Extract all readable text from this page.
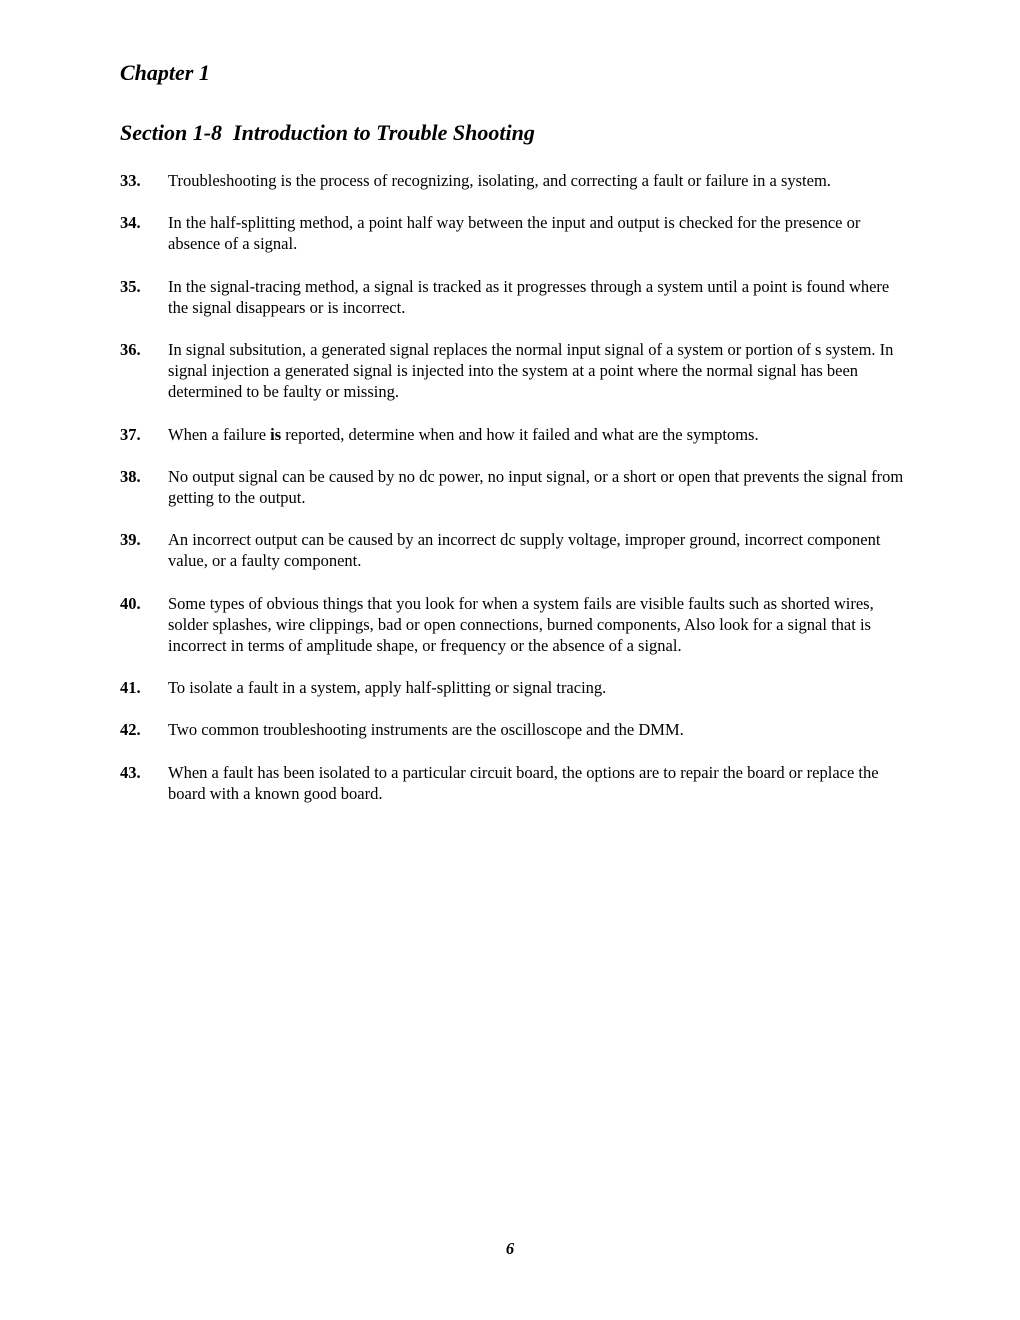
Chapter 1
Section 1-8  Introduction to Trouble Shooting
33.	Troubleshooting is the process of recognizing, isolating, and correcting a fault or failure in a system.
34.	In the half-splitting method, a point half way between the input and output is checked for the presence or absence of a signal.
35.	In the signal-tracing method, a signal is tracked as it progresses through a system until a point is found where the signal disappears or is incorrect.
36.	In signal subsitution, a generated signal replaces the normal input signal of a system or portion of s system. In signal injection a generated signal is injected into the system at a point where the normal signal has been determined to be faulty or missing.
37.	When a failure is reported, determine when and how it failed and what are the symptoms.
38.	No output signal can be caused by no dc power, no input signal, or a short or open that prevents the signal from getting to the output.
39.	An incorrect output can be caused by an incorrect dc supply voltage, improper ground, incorrect component value, or a faulty component.
40.	Some types of obvious things that you look for when a system fails are visible faults such as shorted wires, solder splashes, wire clippings, bad or open connections, burned components, Also look for a signal that is incorrect in terms of amplitude shape, or frequency or the absence of a signal.
41.	To isolate a fault in a system, apply half-splitting or signal tracing.
42.	Two common troubleshooting instruments are the oscilloscope and the DMM.
43.	When a fault has been isolated to a particular circuit board, the options are to repair the board or replace the board with a known good board.
6
